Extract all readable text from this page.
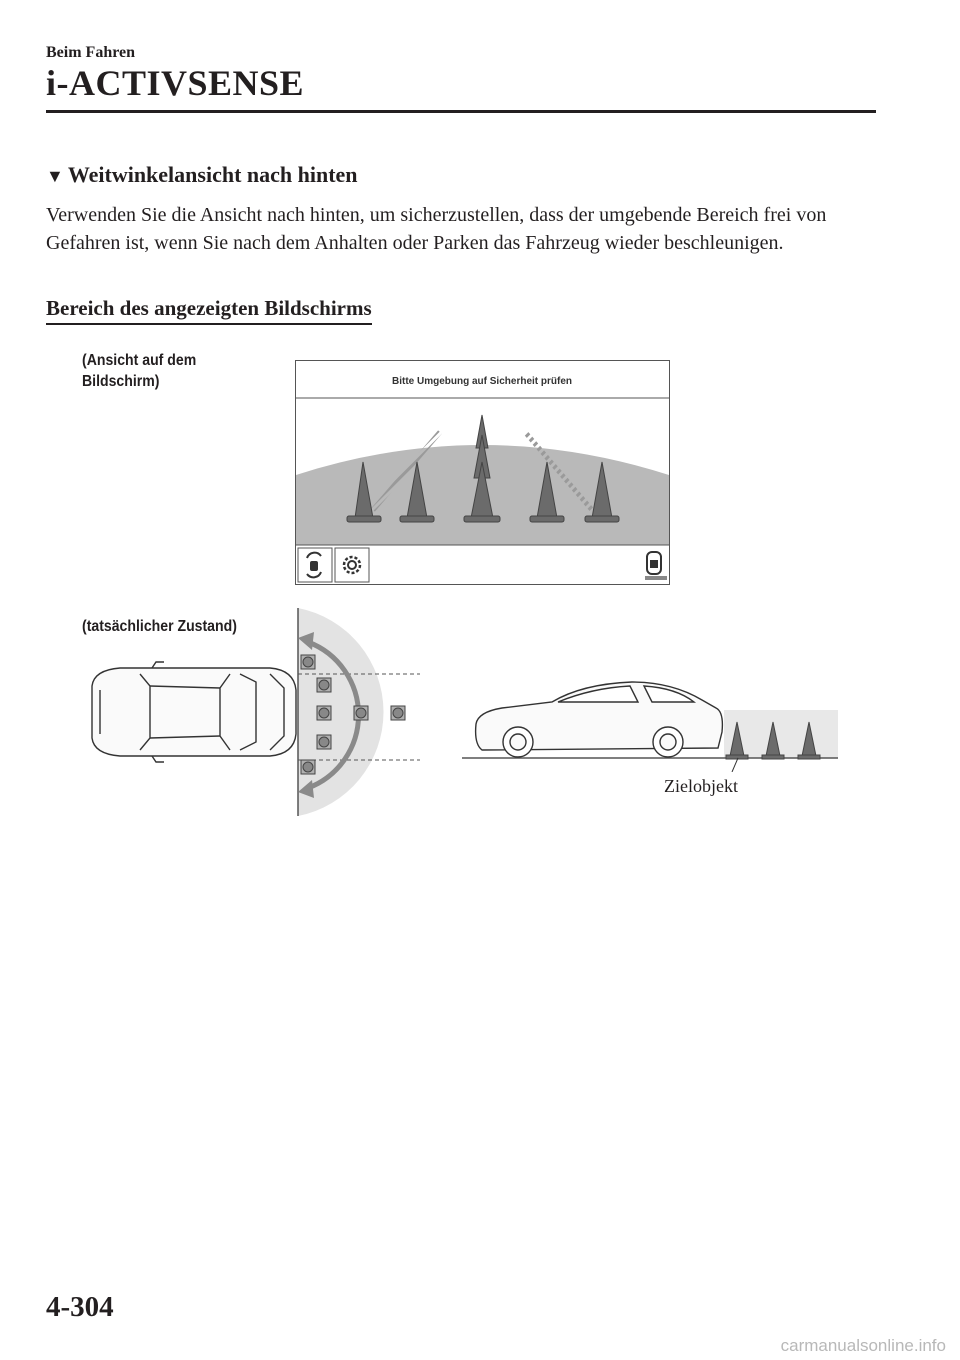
Beim Fahren
i-ACTIVSENSE
▼ Weitwinkelansicht nach hinten

Verwenden Sie die Ansicht nach hinten, um sicherzustellen, dass der umgebende Bereich frei von Gefahren ist, wenn Sie nach dem Anhalten oder Parken das Fahrzeug wieder beschleunigen.

Bereich des angezeigten Bildschirms
(Ansicht auf dem Bildschirm)	Bitte Umgebung auf Sicherheit prüfen
(tatsächlicher Zustand)
Zielobjekt
4-304
carmanualsonline.info
